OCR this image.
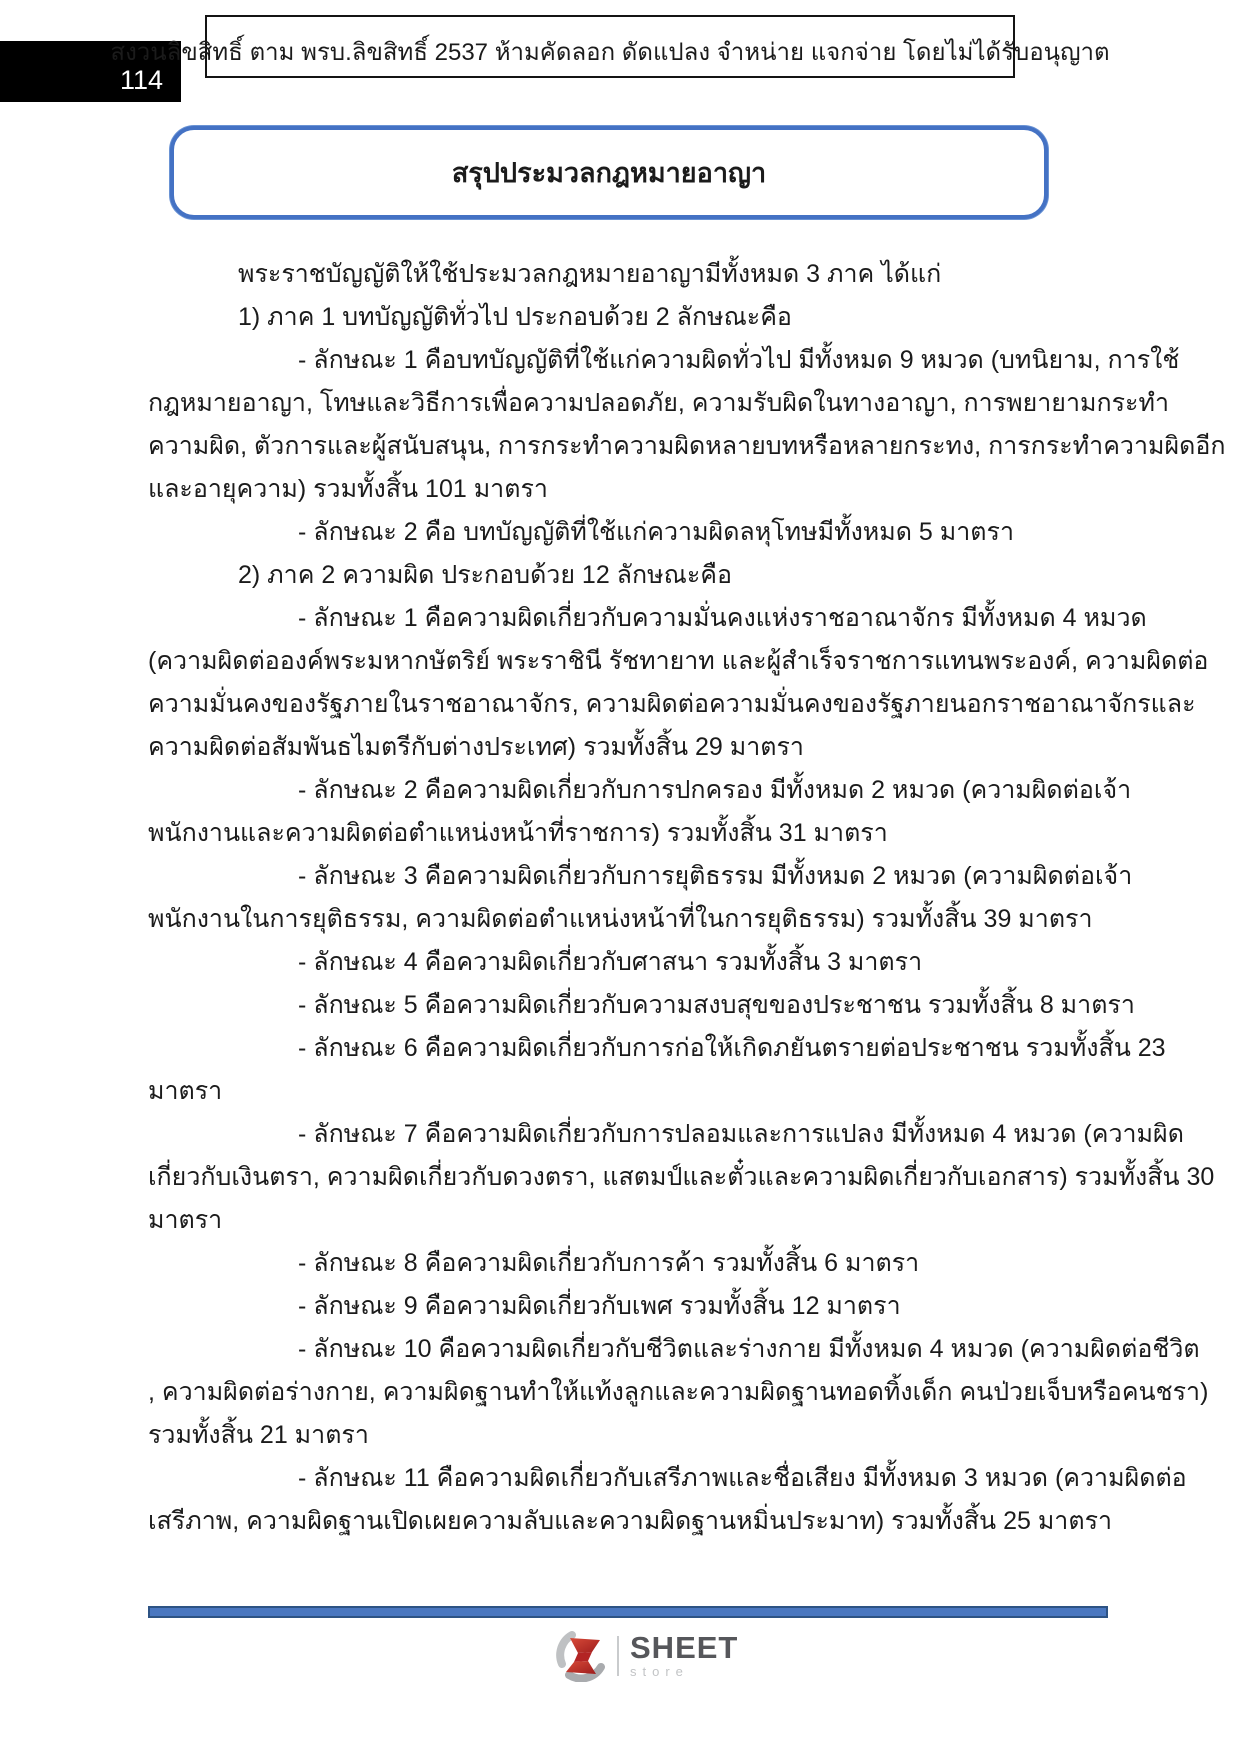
114
สงวนลิขสิทธิ์ ตาม พรบ.ลิขสิทธิ์ 2537 ห้ามคัดลอก ดัดแปลง จำหน่าย แจกจ่าย โดยไม่ได้รับอนุญาต
สรุปประมวลกฎหมายอาญา
พระราชบัญญัติให้ใช้ประมวลกฎหมายอาญามีทั้งหมด 3 ภาค ได้แก่
1) ภาค 1 บทบัญญัติทั่วไป ประกอบด้วย 2 ลักษณะคือ
- ลักษณะ 1 คือบทบัญญัติที่ใช้แก่ความผิดทั่วไป มีทั้งหมด 9 หมวด (บทนิยาม, การใช้
กฎหมายอาญา, โทษและวิธีการเพื่อความปลอดภัย, ความรับผิดในทางอาญา, การพยายามกระทำ
ความผิด, ตัวการและผู้สนับสนุน, การกระทำความผิดหลายบทหรือหลายกระทง, การกระทำความผิดอีก
และอายุความ) รวมทั้งสิ้น 101 มาตรา
- ลักษณะ 2 คือ บทบัญญัติที่ใช้แก่ความผิดลหุโทษมีทั้งหมด 5 มาตรา
2) ภาค 2 ความผิด ประกอบด้วย 12 ลักษณะคือ
- ลักษณะ 1 คือความผิดเกี่ยวกับความมั่นคงแห่งราชอาณาจักร มีทั้งหมด 4 หมวด
(ความผิดต่อองค์พระมหากษัตริย์ พระราชินี รัชทายาท และผู้สำเร็จราชการแทนพระองค์, ความผิดต่อ
ความมั่นคงของรัฐภายในราชอาณาจักร, ความผิดต่อความมั่นคงของรัฐภายนอกราชอาณาจักรและ
ความผิดต่อสัมพันธไมตรีกับต่างประเทศ) รวมทั้งสิ้น 29 มาตรา
- ลักษณะ 2 คือความผิดเกี่ยวกับการปกครอง มีทั้งหมด 2 หมวด (ความผิดต่อเจ้า
พนักงานและความผิดต่อตำแหน่งหน้าที่ราชการ) รวมทั้งสิ้น 31 มาตรา
- ลักษณะ 3 คือความผิดเกี่ยวกับการยุติธรรม มีทั้งหมด 2 หมวด (ความผิดต่อเจ้า
พนักงานในการยุติธรรม, ความผิดต่อตำแหน่งหน้าที่ในการยุติธรรม) รวมทั้งสิ้น 39 มาตรา
- ลักษณะ 4 คือความผิดเกี่ยวกับศาสนา รวมทั้งสิ้น 3 มาตรา
- ลักษณะ 5 คือความผิดเกี่ยวกับความสงบสุขของประชาชน รวมทั้งสิ้น 8 มาตรา
- ลักษณะ 6 คือความผิดเกี่ยวกับการก่อให้เกิดภยันตรายต่อประชาชน รวมทั้งสิ้น 23
มาตรา
- ลักษณะ 7 คือความผิดเกี่ยวกับการปลอมและการแปลง มีทั้งหมด 4 หมวด (ความผิด
เกี่ยวกับเงินตรา, ความผิดเกี่ยวกับดวงตรา, แสตมป์และตั๋วและความผิดเกี่ยวกับเอกสาร) รวมทั้งสิ้น 30
มาตรา
- ลักษณะ 8 คือความผิดเกี่ยวกับการค้า รวมทั้งสิ้น 6 มาตรา
- ลักษณะ 9 คือความผิดเกี่ยวกับเพศ รวมทั้งสิ้น 12 มาตรา
- ลักษณะ 10 คือความผิดเกี่ยวกับชีวิตและร่างกาย มีทั้งหมด 4 หมวด (ความผิดต่อชีวิต
, ความผิดต่อร่างกาย, ความผิดฐานทำให้แท้งลูกและความผิดฐานทอดทิ้งเด็ก คนป่วยเจ็บหรือคนชรา)
รวมทั้งสิ้น 21 มาตรา
- ลักษณะ 11 คือความผิดเกี่ยวกับเสรีภาพและชื่อเสียง มีทั้งหมด 3 หมวด (ความผิดต่อ
เสรีภาพ, ความผิดฐานเปิดเผยความลับและความผิดฐานหมิ่นประมาท) รวมทั้งสิ้น 25 มาตรา
SHEET
store
